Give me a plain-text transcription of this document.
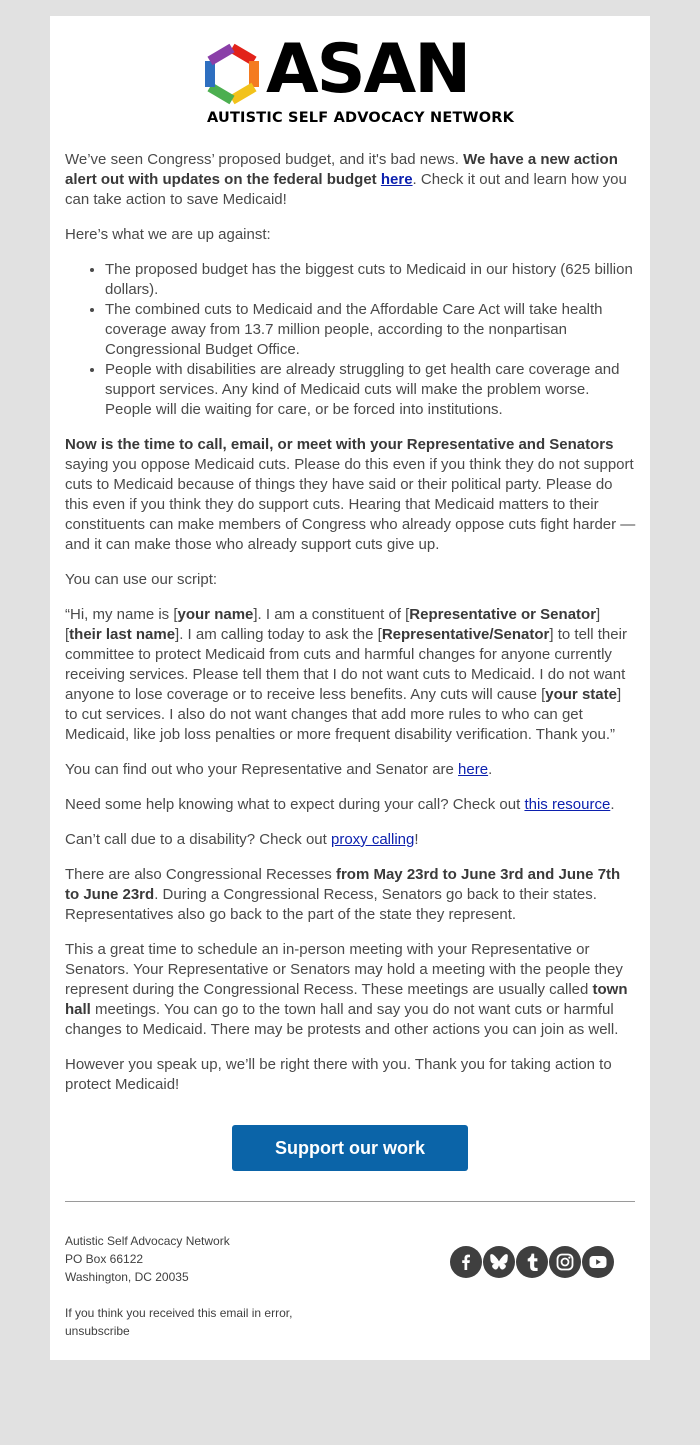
ASAN
AUTISTIC SELF ADVOCACY NETWORK

We’ve seen Congress’ proposed budget, and it's bad news. We have a new action alert out with updates on the federal budget here. Check it out and learn how you can take action to save Medicaid!

Here’s what we are up against:

• The proposed budget has the biggest cuts to Medicaid in our history (625 billion dollars).
• The combined cuts to Medicaid and the Affordable Care Act will take health coverage away from 13.7 million people, according to the nonpartisan Congressional Budget Office.
• People with disabilities are already struggling to get health care coverage and support services. Any kind of Medicaid cuts will make the problem worse. People will die waiting for care, or be forced into institutions.

Now is the time to call, email, or meet with your Representative and Senators saying you oppose Medicaid cuts. Please do this even if you think they do not support cuts to Medicaid because of things they have said or their political party. Please do this even if you think they do support cuts. Hearing that Medicaid matters to their constituents can make members of Congress who already oppose cuts fight harder — and it can make those who already support cuts give up.

You can use our script:

“Hi, my name is [your name]. I am a constituent of [Representative or Senator] [their last name]. I am calling today to ask the [Representative/Senator] to tell their committee to protect Medicaid from cuts and harmful changes for anyone currently receiving services. Please tell them that I do not want cuts to Medicaid. I do not want anyone to lose coverage or to receive less benefits. Any cuts will cause [your state] to cut services. I also do not want changes that add more rules to who can get Medicaid, like job loss penalties or more frequent disability verification. Thank you.”

You can find out who your Representative and Senator are here.

Need some help knowing what to expect during your call? Check out this resource.

Can’t call due to a disability? Check out proxy calling!

There are also Congressional Recesses from May 23rd to June 3rd and June 7th to June 23rd. During a Congressional Recess, Senators go back to their states. Representatives also go back to the part of the state they represent.

This a great time to schedule an in-person meeting with your Representative or Senators. Your Representative or Senators may hold a meeting with the people they represent during the Congressional Recess. These meetings are usually called town hall meetings. You can go to the town hall and say you do not want cuts or harmful changes to Medicaid. There may be protests and other actions you can join as well.

However you speak up, we’ll be right there with you. Thank you for taking action to protect Medicaid!

Support our work
Autistic Self Advocacy Network
PO Box 66122
Washington, DC 20035
If you think you received this email in error,
unsubscribe
